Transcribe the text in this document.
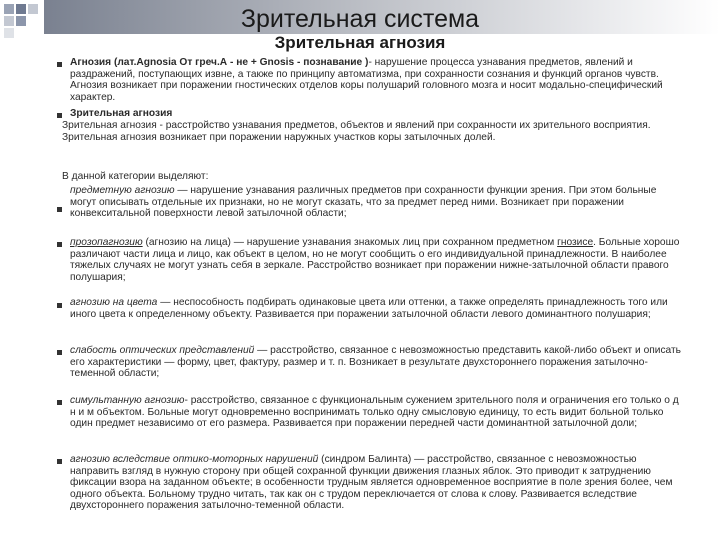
Зрительная система
Зрительная агнозия

Агнозия (лат.Agnosia От греч.А - не + Gnosis - познавание )- нарушение процесса узнавания предметов, явлений и раздражений, поступающих извне, а также по принципу автоматизма, при сохранности сознания и функций органов чувств. Агнозия возникает при поражении гностических отделов коры полушарий головного мозга и носит модально-специфический характер.

Зрительная агнозия

Зрительная агнозия - расстройство узнавания предметов, объектов и явлений при сохранности их зрительного восприятия. Зрительная агнозия возникает при поражении наружных участков коры затылочных долей.

В данной категории выделяют:

предметную агнозию — нарушение узнавания различных предметов при сохранности функции зрения. При этом больные могут описывать отдельные их признаки, но не могут сказать, что за предмет перед ними. Возникает при поражении конвекситальной поверхности левой затылочной области;

прозопагнозию (агнозию на лица) — нарушение узнавания знакомых лиц при сохранном предметном гнозисе. Больные хорошо различают части лица и лицо, как объект в целом, но не могут сообщить о его индивидуальной принадлежности. В наиболее тяжелых случаях не могут узнать себя в зеркале. Расстройство возникает при поражении нижне-затылочной области правого полушария;

агнозию на цвета — неспособность подбирать одинаковые цвета или оттенки, а также определять принадлежность того или иного цвета к определенному объекту. Развивается при поражении затылочной области левого доминантного полушария;

слабость оптических представлений — расстройство, связанное с невозможностью представить какой-либо объект и описать его характеристики — форму, цвет, фактуру, размер и т. п. Возникает в результате двухстороннего поражения затылочно-теменной области;

симультанную агнозию- расстройство, связанное с функциональным сужением зрительного поля и ограничения его только о д н и м объектом. Больные могут одновременно воспринимать только одну смысловую единицу, то есть видит больной только один предмет независимо от его размера. Развивается при поражении передней части доминантной затылочной доли;

агнозию вследствие оптико-моторных нарушений (синдром Балинта) — расстройство, связанное с невозможностью направить взгляд в нужную сторону при общей сохранной функции движения глазных яблок. Это приводит к затруднению фиксации взора на заданном объекте; в особенности трудным является одновременное восприятие в поле зрения более, чем одного объекта. Больному трудно читать, так как он с трудом переключается от слова к слову. Развивается вследствие двухстороннего поражения затылочно-теменной области.
